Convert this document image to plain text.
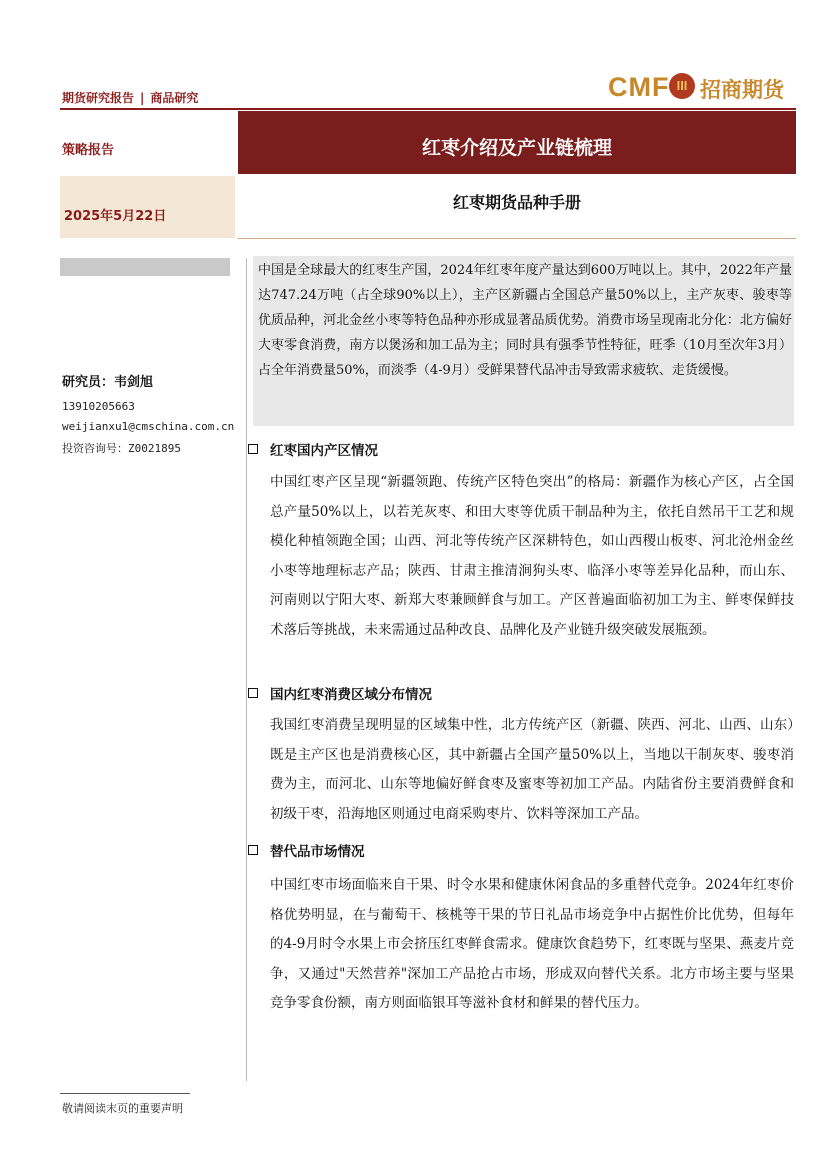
期货研究报告 | 商品研究	CMF III 招商期货
策略报告	红枣介绍及产业链梳理
2025年5月22日
红枣期货品种手册
研究员：韦剑旭
13910205663
weijianxu1@cmschina.com.cn
投资咨询号：Z0021895
中国是全球最大的红枣生产国，2024年红枣年度产量达到600万吨以上。其中，2022年产量达747.24万吨（占全球90%以上），主产区新疆占全国总产量50%以上，主产灰枣、骏枣等优质品种，河北金丝小枣等特色品种亦形成显著品质优势。消费市场呈现南北分化：北方偏好大枣零食消费，南方以煲汤和加工品为主；同时具有强季节性特征，旺季（10月至次年3月）占全年消费量50%，而淡季（4-9月）受鲜果替代品冲击导致需求疲软、走货缓慢。
红枣国内产区情况
中国红枣产区呈现“新疆领跑、传统产区特色突出”的格局：新疆作为核心产区，占全国总产量50%以上，以若羌灰枣、和田大枣等优质干制品种为主，依托自然吊干工艺和规模化种植领跑全国；山西、河北等传统产区深耕特色，如山西稷山板枣、河北沧州金丝小枣等地理标志产品；陕西、甘肃主推清涧狗头枣、临泽小枣等差异化品种，而山东、河南则以宁阳大枣、新郑大枣兼顾鲜食与加工。产区普遍面临初加工为主、鲜枣保鲜技术落后等挑战，未来需通过品种改良、品牌化及产业链升级突破发展瓶颈。
国内红枣消费区域分布情况
我国红枣消费呈现明显的区域集中性，北方传统产区（新疆、陕西、河北、山西、山东）既是主产区也是消费核心区，其中新疆占全国产量50%以上，当地以干制灰枣、骏枣消费为主，而河北、山东等地偏好鲜食枣及蜜枣等初加工产品。内陆省份主要消费鲜食和初级干枣，沿海地区则通过电商采购枣片、饮料等深加工产品。
替代品市场情况
中国红枣市场面临来自干果、时令水果和健康休闲食品的多重替代竞争。2024年红枣价格优势明显，在与葡萄干、核桃等干果的节日礼品市场竞争中占据性价比优势，但每年的4-9月时令水果上市会挤压红枣鲜食需求。健康饮食趋势下，红枣既与坚果、燕麦片竞争，又通过"天然营养"深加工产品抢占市场，形成双向替代关系。北方市场主要与坚果竞争零食份额，南方则面临银耳等滋补食材和鲜果的替代压力。
敬请阅读末页的重要声明
